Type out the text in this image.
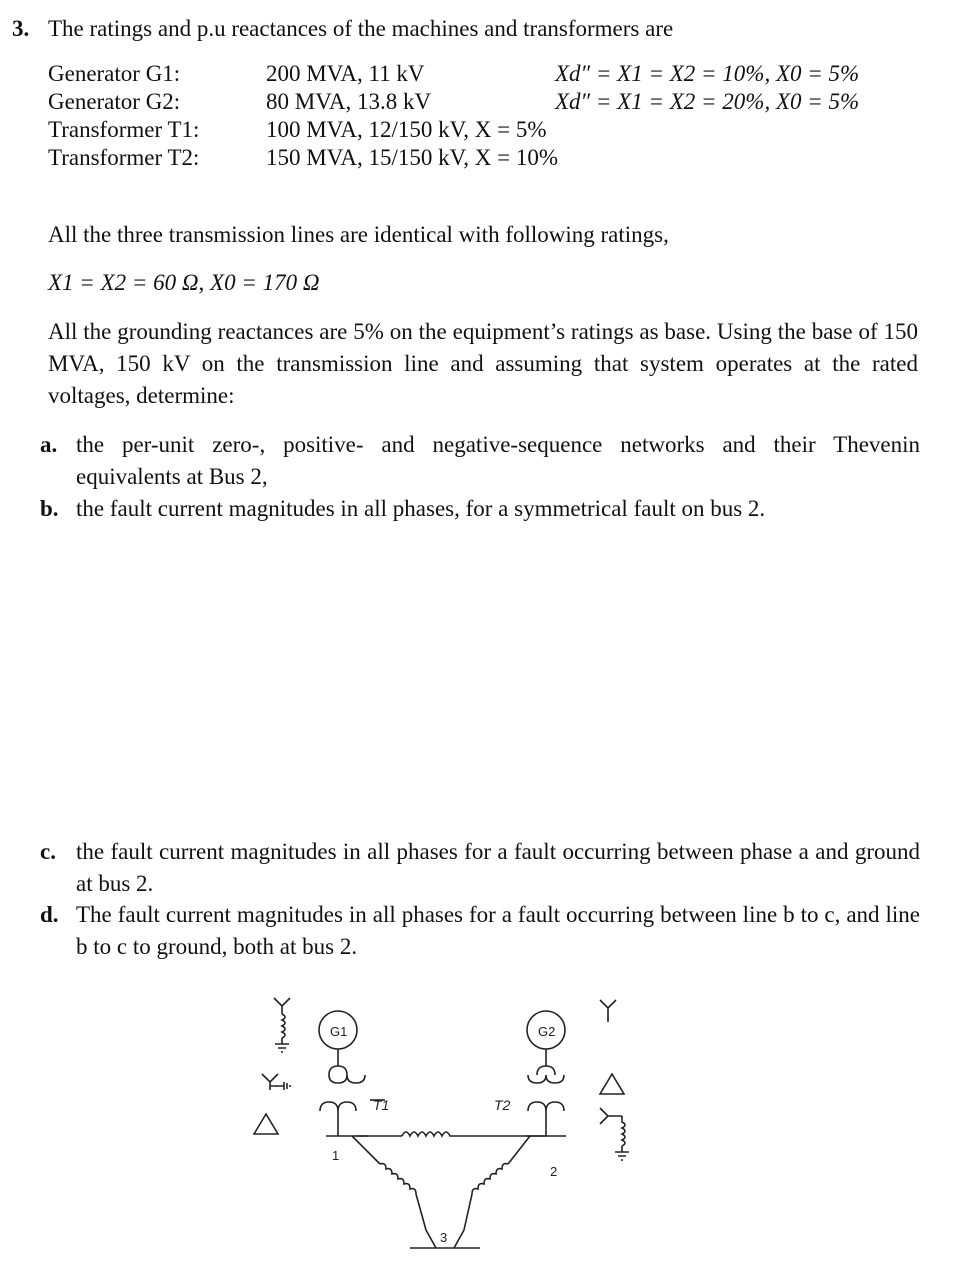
3. The ratings and p.u reactances of the machines and transformers are
Generator G1:	200 MVA, 11 kV	Xd″ = X1 = X2 = 10%, X0 = 5%
Generator G2:	80 MVA, 13.8 kV	Xd″ = X1 = X2 = 20%, X0 = 5%
Transformer T1:	100 MVA, 12/150 kV, X = 5%
Transformer T2:	150 MVA, 15/150 kV, X = 10%
All the three transmission lines are identical with following ratings,
X1 = X2 = 60 Ω, X0 = 170 Ω
All the grounding reactances are 5% on the equipment’s ratings as base. Using the base of 150 MVA, 150 kV on the transmission line and assuming that system operates at the rated voltages, determine:
a. the per-unit zero-, positive- and negative-sequence networks and their Thevenin equivalents at Bus 2,
b. the fault current magnitudes in all phases, for a symmetrical fault on bus 2.
c. the fault current magnitudes in all phases for a fault occurring between phase a and ground at bus 2.
d. The fault current magnitudes in all phases for a fault occurring between line b to c, and line b to c to ground, both at bus 2.
G1	G2
T1	T2
1
2
3
